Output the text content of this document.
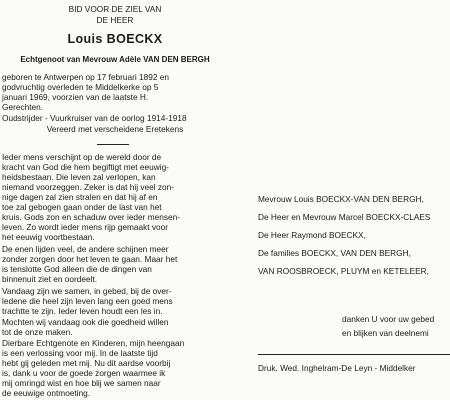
BID VOOR DE ZIEL VAN
DE HEER
Louis BOECKX
Echtgenoot van Mevrouw Adèle VAN DEN BERGH
geboren te Antwerpen op 17 februari 1892 en
godvruchtig overleden te Middelkerke op 5
januari 1969, voorzien van de laatste H.
Gerechten.
Oudstrijder - Vuurkruiser van de oorlog 1914-1918
Vereerd met verscheidene Eretekens
Ieder mens verschijnt op de wereld door de
kracht van God die hem begiftigt met eeuwig-
heidsbestaan. Die leven zal verlopen, kan
niemand voorzeggen. Zeker is dat hij veel zon-
nige dagen zal zien stralen en dat hij af en
toe zal gebogen gaan onder de last van het
kruis. Gods zon en schaduw over ieder mensen-
leven. Zo wordt ieder mens rijp gemaakt voor
het eeuwig voortbestaan.
De enen lijden veel, de andere schijnen meer
zonder zorgen door het leven te gaan. Maar het
is tenslotte God alleen die de dingen van
binnenuit ziet en oordeelt.
Vandaag zijn we samen, in gebed, bij de over-
ledene die heel zijn leven lang een goed mens
trachtte te zijn. Ieder leven houdt een les in.
Mochten wij vandaag ook die goedheid willen
tot de onze maken.
Dierbare Echtgenote en Kinderen, mijn heengaan
is een verlossing voor mij. In de laatste tijd
hebt gij geleden met mij. Nu dit aardse voorbij
is, dank u voor de goede zorgen waarmee ik
mij omringd wist en hoe blij we samen naar
de eeuwige ontmoeting.
Mevrouw Louis BOECKX-VAN DEN BERGH,
De Heer en Mevrouw Marcel BOECKX-CLAES
De Heer Raymond BOECKX,
De families BOECKX, VAN DEN BERGH,
VAN ROOSBROECK, PLUYM en KETELEER,
danken U voor uw gebed
en blijken van deelnemi
Druk. Wed. Inghelram-De Leyn - Middelker
